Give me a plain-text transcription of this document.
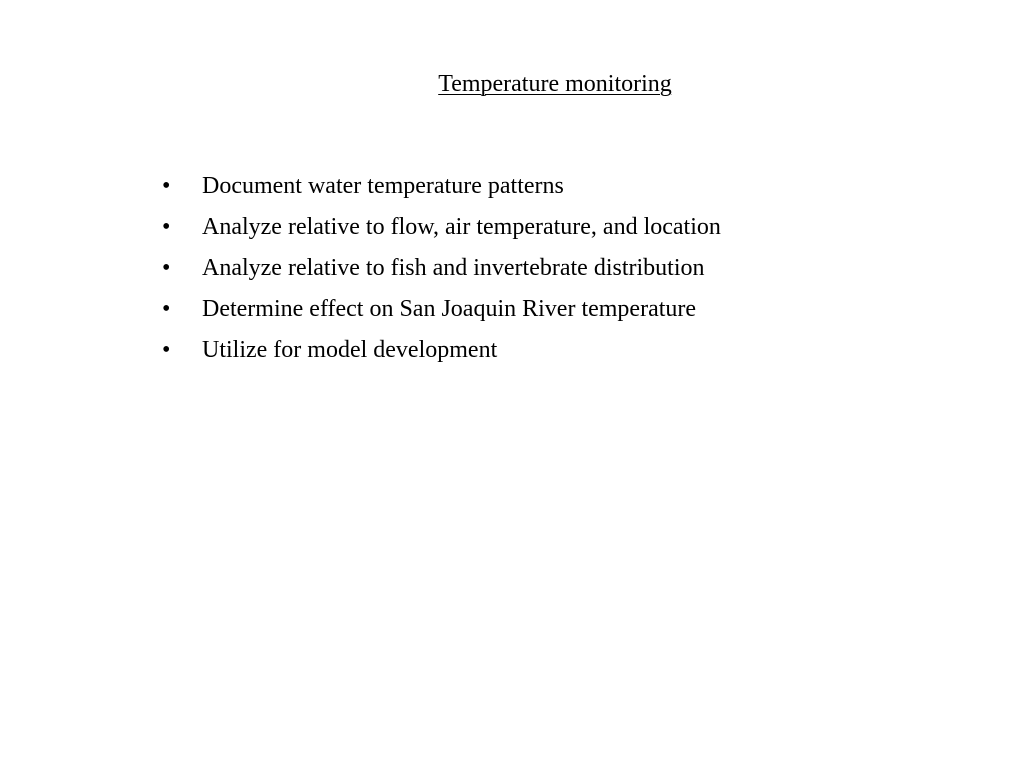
Temperature monitoring
•	Document water temperature patterns
•	Analyze relative to flow, air temperature, and location
•	Analyze relative to fish and invertebrate distribution
•	Determine effect on San Joaquin River temperature
•	Utilize for model development
